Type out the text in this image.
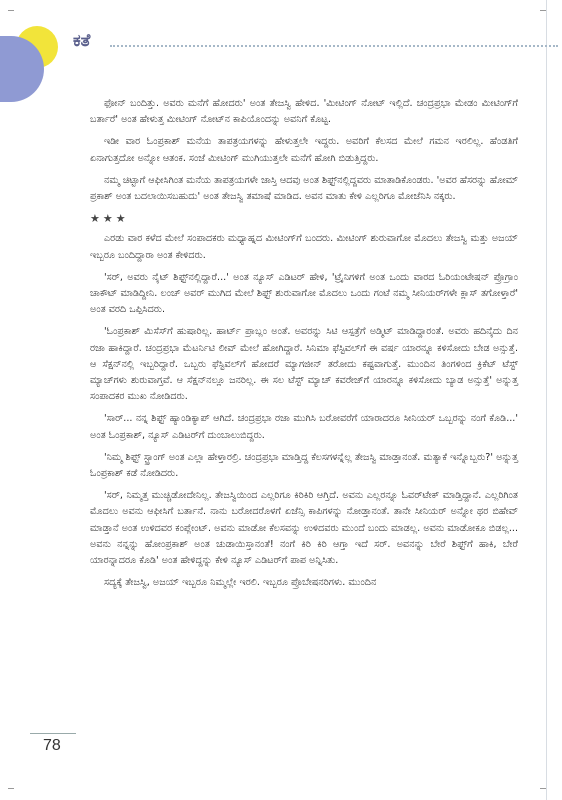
ಕತೆ

ಫೋನ್ ಬಂದಿತ್ತು. ಅವರು ಮನೆಗೆ ಹೋದರು' ಅಂತ ತೇಜಸ್ವಿ ಹೇಳಿದ. 'ಮೀಟಿಂಗ್ ನೋಟ್ ಇಲ್ಲಿದೆ. ಚಂದ್ರಪ್ರಭಾ ಮೇಡಂ ಮೀಟಿಂಗ್‌ಗೆ ಬರ್ತಾರೆ' ಅಂತ ಹೇಳುತ್ತ ಮೀಟಿಂಗ್ ನೋಟ್‌ನ ಕಾಪಿಯೊಂದನ್ನು ಅವನಿಗೆ ಕೊಟ್ಟ.

ಇಡೀ ವಾರ ಓಂಪ್ರಕಾಶ್ ಮನೆಯ ತಾಪತ್ರಯಗಳನ್ನು ಹೇಳುತ್ತಲೇ ಇದ್ದರು. ಅವರಿಗೆ ಕೆಲಸದ ಮೇಲೆ ಗಮನ ಇರಲಿಲ್ಲ. ಹೆಂಡತಿಗೆ ಏನಾಗುತ್ತದೋ ಅನ್ನೋ ಆತಂಕ. ಸಂಜೆ ಮೀಟಿಂಗ್ ಮುಗಿಯುತ್ತಲೇ ಮನೆಗೆ ಹೋಗಿ ಬಿಡುತ್ತಿದ್ದರು.

ನಮ್ಮ ಚಿಟ್ಟಾಗೆ ಆಫೀಸಿಗಿಂತ ಮನೆಯ ತಾಪತ್ರಯಗಳೇ ಜಾಸ್ತಿ ಆದವು ಅಂತ ಶಿಫ್ಟ್‌ನಲ್ಲಿದ್ದವರು ಮಾತಾಡಿಕೊಂಡರು. 'ಅವರ ಹೆಸರನ್ನು ಹೋಮ್ ಪ್ರಕಾಶ್ ಅಂತ ಬದಲಾಯಿಸಬಹುದು' ಅಂತ ತೇಜಸ್ವಿ ತಮಾಷೆ ಮಾಡಿದ. ಅವನ ಮಾತು ಕೇಳಿ ಎಲ್ಲರಿಗೂ ಮೋಜೆನಿಸಿ ನಕ್ಕರು.

★★★

ಎರಡು ವಾರ ಕಳೆದ ಮೇಲೆ ಸಂಪಾದಕರು ಮಧ್ಯಾಹ್ನದ ಮೀಟಿಂಗ್‌ಗೆ ಬಂದರು. ಮೀಟಿಂಗ್ ಶುರುವಾಗೋ ಮೊದಲು ತೇಜಸ್ವಿ ಮತ್ತು ಅಜಯ್ ಇಬ್ಬರೂ ಬಂದಿದ್ದಾರಾ ಅಂತ ಕೇಳಿದರು.

'ಸರ್, ಅವರು ನೈಟ್ ಶಿಫ್ಟ್‌ನಲ್ಲಿದ್ದಾರೆ...' ಅಂತ ನ್ಯೂಸ್ ಎಡಿಟರ್ ಹೇಳಿ, 'ಟ್ರೈನಿಗಳಿಗೆ ಅಂತ ಒಂದು ವಾರದ ಓರಿಯಂಟೇಷನ್ ಪ್ರೊಗ್ರಾಂ ಚಾಕೌಟ್ ಮಾಡಿದ್ದೀನಿ. ಲಂಚ್ ಅವರ್ ಮುಗಿದ ಮೇಲೆ ಶಿಫ್ಟ್ ಶುರುವಾಗೋ ಮೊದಲು ಒಂದು ಗಂಟೆ ನಮ್ಮ ಸೀನಿಯರ್‌ಗಳೇ ಕ್ಲಾಸ್ ತಗೋಳ್ತಾರೆ' ಅಂತ ವರದಿ ಒಪ್ಪಿಸಿದರು.

'ಓಂಪ್ರಕಾಶ್ ಮಿಸೆಸ್‌ಗೆ ಹುಷಾರಿಲ್ಲ. ಹಾರ್ಟ್ ಪ್ರಾಬ್ಲಂ ಅಂತೆ. ಅವರನ್ನು ಸಿಟಿ ಆಸ್ಪತ್ರೆಗೆ ಅಡ್ಮಿಟ್ ಮಾಡಿದ್ದಾರಂತೆ. ಅವರು ಹದಿನೈದು ದಿನ ರಜಾ ಹಾಕಿದ್ದಾರೆ. ಚಂದ್ರಪ್ರಭಾ ಮೆಟರ್ನಿಟಿ ಲೀವ್ ಮೇಲೆ ಹೋಗಿದ್ದಾರೆ. ಸಿನಿಮಾ ಫೆಸ್ಟಿವಲ್‌ಗೆ ಈ ವರ್ಷ ಯಾರನ್ನೂ ಕಳಿಸೋದು ಬೇಡ ಅನ್ಸುತ್ತೆ. ಆ ಸೆಕ್ಷನ್‌ನಲ್ಲಿ ಇಬ್ಬರಿದ್ದಾರೆ. ಒಬ್ಬರು ಫೆಸ್ಟಿವಲ್‌ಗೆ ಹೋದರೆ ಮ್ಯಾಗಜೀನ್ ತರೋದು ಕಷ್ಟವಾಗುತ್ತೆ. ಮುಂದಿನ ತಿಂಗಳಿಂದ ಕ್ರಿಕೆಟ್ ಟೆಸ್ಟ್ ಮ್ಯಾಚ್‌ಗಳು ಶುರುವಾಗ್ತವೆ. ಆ ಸೆಕ್ಷನ್‌ನಲ್ಲೂ ಜನರಿಲ್ಲ. ಈ ಸಲ ಟೆಸ್ಟ್ ಮ್ಯಾಚ್ ಕವರೇಜ್‌ಗೆ ಯಾರನ್ನೂ ಕಳಿಸೋದು ಬ್ಯಾಡ ಅನ್ಸುತ್ತೆ' ಅನ್ನುತ್ತ ಸಂಪಾದಕರ ಮುಖ ನೋಡಿದರು.

'ಸಾರ್... ನನ್ನ ಶಿಫ್ಟ್ ಹ್ಯಾಂಡಿಕ್ಯಾಪ್ ಆಗಿದೆ. ಚಂದ್ರಪ್ರಭಾ ರಜಾ ಮುಗಿಸಿ ಬರೋವರೆಗೆ ಯಾರಾದರೂ ಸೀನಿಯರ್ ಒಬ್ಬರನ್ನು ನಂಗೆ ಕೊಡಿ...' ಅಂತ ಓಂಪ್ರಕಾಶ್, ನ್ಯೂಸ್ ಎಡಿಟರ್‌ಗೆ ದುಂಬಾಲುಬಿದ್ದರು.

'ನಿಮ್ಮ ಶಿಫ್ಟ್ ಸ್ಟ್ರಾಂಗ್ ಅಂತ ಎಲ್ಲಾ ಹೇಳ್ತಾರಲ್ರಿ. ಚಂದ್ರಪ್ರಭಾ ಮಾಡ್ತಿದ್ದ ಕೆಲಸಗಳನ್ನೆಲ್ಲ ತೇಜಸ್ವಿ ಮಾಡ್ತಾನಂತೆ. ಮತ್ಯಾಕೆ ಇನ್ನೊಬ್ಬರು?' ಅನ್ನುತ್ತ ಓಂಪ್ರಕಾಶ್ ಕಡೆ ನೋಡಿದರು.

'ಸರ್, ನಿಮ್ಮತ್ತ ಮುಚ್ಚಿಡೋದೇನಿಲ್ಲ. ತೇಜಸ್ವಿಯಿಂದ ಎಲ್ಲರಿಗೂ ಕಿರಿಕಿರಿ ಆಗ್ತಿದೆ. ಅವನು ಎಲ್ಲರನ್ನೂ ಓವರ್‌ಟೇಕ್ ಮಾಡ್ತಿದ್ದಾನೆ. ಎಲ್ಲರಿಗಿಂತ ಮೊದಲು ಅವನು ಆಫೀಸಿಗೆ ಬರ್ತಾನೆ. ನಾನು ಬರೋದರೊಳಗೆ ಏಜೆನ್ಸಿ ಕಾಪಿಗಳನ್ನು ನೋಡ್ತಾನಂತೆ. ತಾನೇ ಸೀನಿಯರ್ ಅನ್ನೋ ಥರ ಬಿಹೇವ್ ಮಾಡ್ತಾನೆ ಅಂತ ಉಳಿದವರ ಕಂಪ್ಲೇಂಟ್. ಅವನು ಮಾಡೋ ಕೆಲಸವನ್ನು ಉಳಿದವರು ಮುಂದೆ ಬಂದು ಮಾಡಲ್ಲ. ಅವನು ಮಾಡೋಕೂ ಬಿಡಲ್ಲ... ಅವನು ನನ್ನನ್ನು ಹೋಂಪ್ರಕಾಶ್ ಅಂತ ಚುಡಾಯಿಸ್ತಾನಂತೆ! ನಂಗೆ ಕಿರಿ ಕಿರಿ ಆಗ್ತಾ ಇದೆ ಸರ್. ಅವನನ್ನು ಬೇರೆ ಶಿಫ್ಟ್‌ಗೆ ಹಾಕಿ, ಬೇರೆ ಯಾರನ್ನಾದರೂ ಕೊಡಿ' ಅಂತ ಹೇಳಿದ್ದನ್ನು ಕೇಳಿ ನ್ಯೂಸ್ ಎಡಿಟರ್‌ಗೆ ಪಾಪ ಅನ್ನಿಸಿತು.

ಸದ್ಯಕ್ಕೆ ತೇಜಸ್ವಿ, ಅಜಯ್ ಇಬ್ಬರೂ ನಿಮ್ಮಲ್ಲೇ ಇರಲಿ. ಇಬ್ಬರೂ ಪ್ರೊಬೇಷನರಿಗಳು. ಮುಂದಿನ

78
